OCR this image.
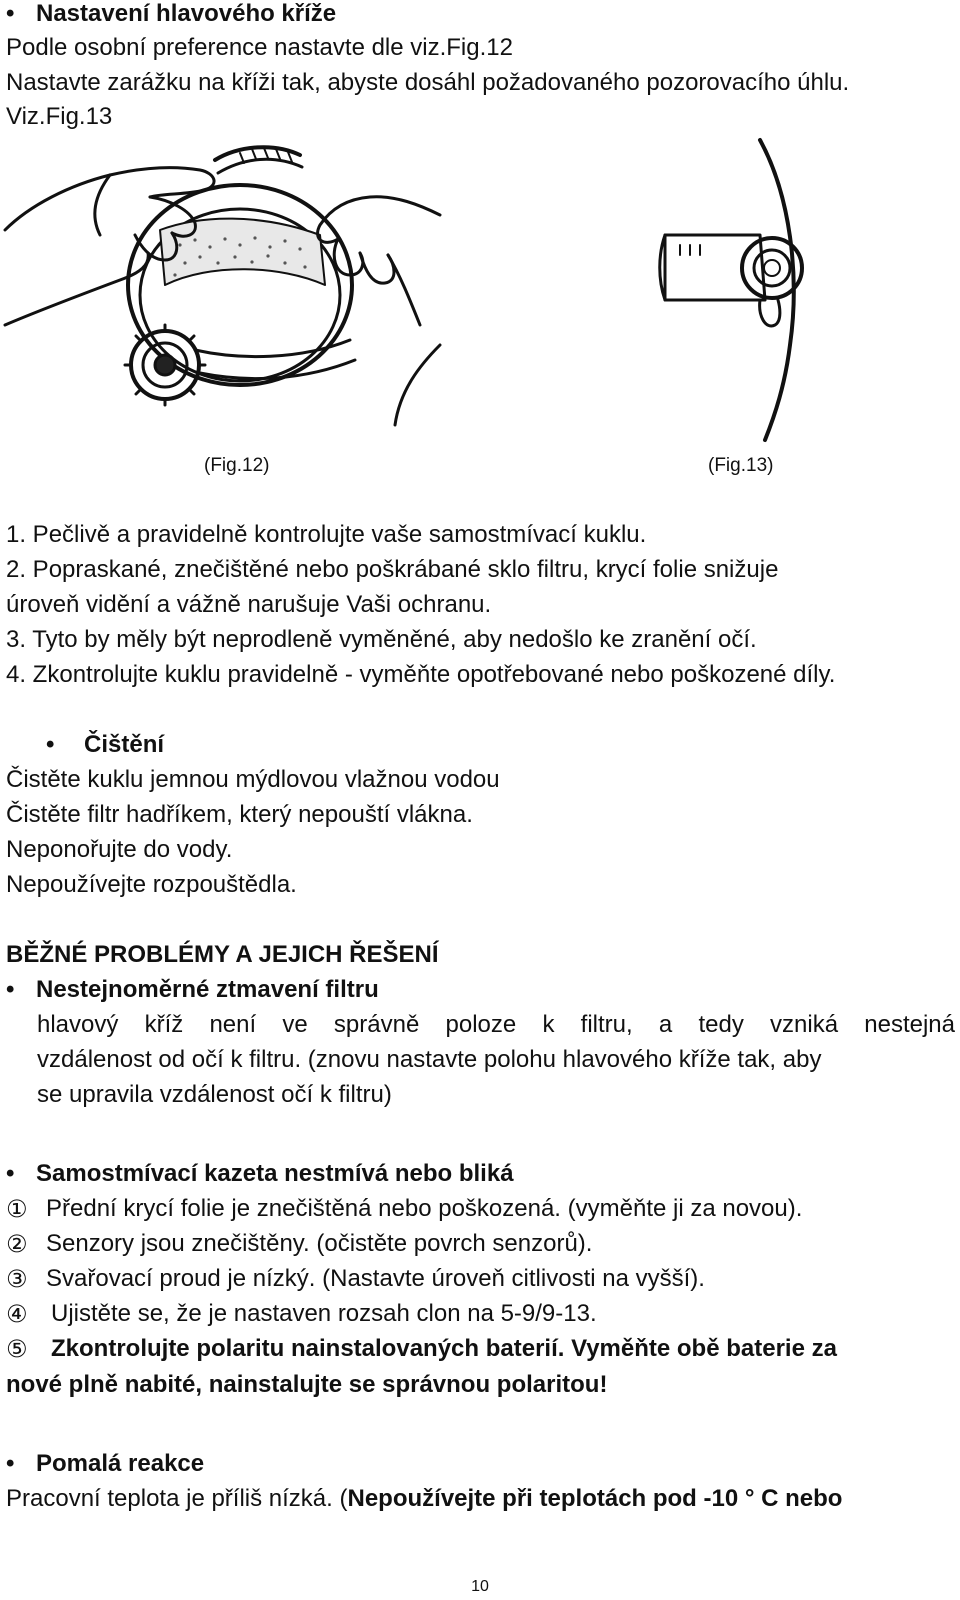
• Nastavení hlavového kříže
Podle osobní preference nastavte dle viz.Fig.12
Nastavte zarážku na kříži tak, abyste dosáhl požadovaného pozorovacího úhlu.
Viz.Fig.13
(Fig.12)	(Fig.13)
1. Pečlivě a pravidelně kontrolujte vaše samostmívací kuklu.
2. Popraskané, znečištěné nebo poškrábané sklo filtru, krycí folie snižuje
úroveň vidění a vážně narušuje Vaši ochranu.
3. Tyto by měly být neprodleně vyměněné, aby nedošlo ke zranění očí.
4. Zkontrolujte kuklu pravidelně - vyměňte opotřebované nebo poškozené díly.
• Čištění
Čistěte kuklu jemnou mýdlovou vlažnou vodou
Čistěte filtr hadříkem, který nepouští vlákna.
Neponořujte do vody.
Nepoužívejte rozpouštědla.
BĚŽNÉ PROBLÉMY A JEJICH ŘEŠENÍ
• Nestejnoměrné ztmavení filtru
hlavový kříž není ve správně poloze k filtru, a tedy vzniká nestejná
vzdálenost od očí k filtru. (znovu nastavte polohu hlavového kříže tak, aby
se upravila vzdálenost očí k filtru)
• Samostmívací kazeta nestmívá nebo bliká
① Přední krycí folie je znečištěná nebo poškozená. (vyměňte ji za novou).
② Senzory jsou znečištěny. (očistěte povrch senzorů).
③ Svařovací proud je nízký. (Nastavte úroveň citlivosti na vyšší).
④ Ujistěte se, že je nastaven rozsah clon na 5-9/9-13.
⑤ Zkontrolujte polaritu nainstalovaných baterií. Vyměňte obě baterie za
nové plně nabité, nainstalujte se správnou polaritou!
• Pomalá reakce
Pracovní teplota je příliš nízká. (Nepoužívejte při teplotách pod -10 ° C nebo
10
